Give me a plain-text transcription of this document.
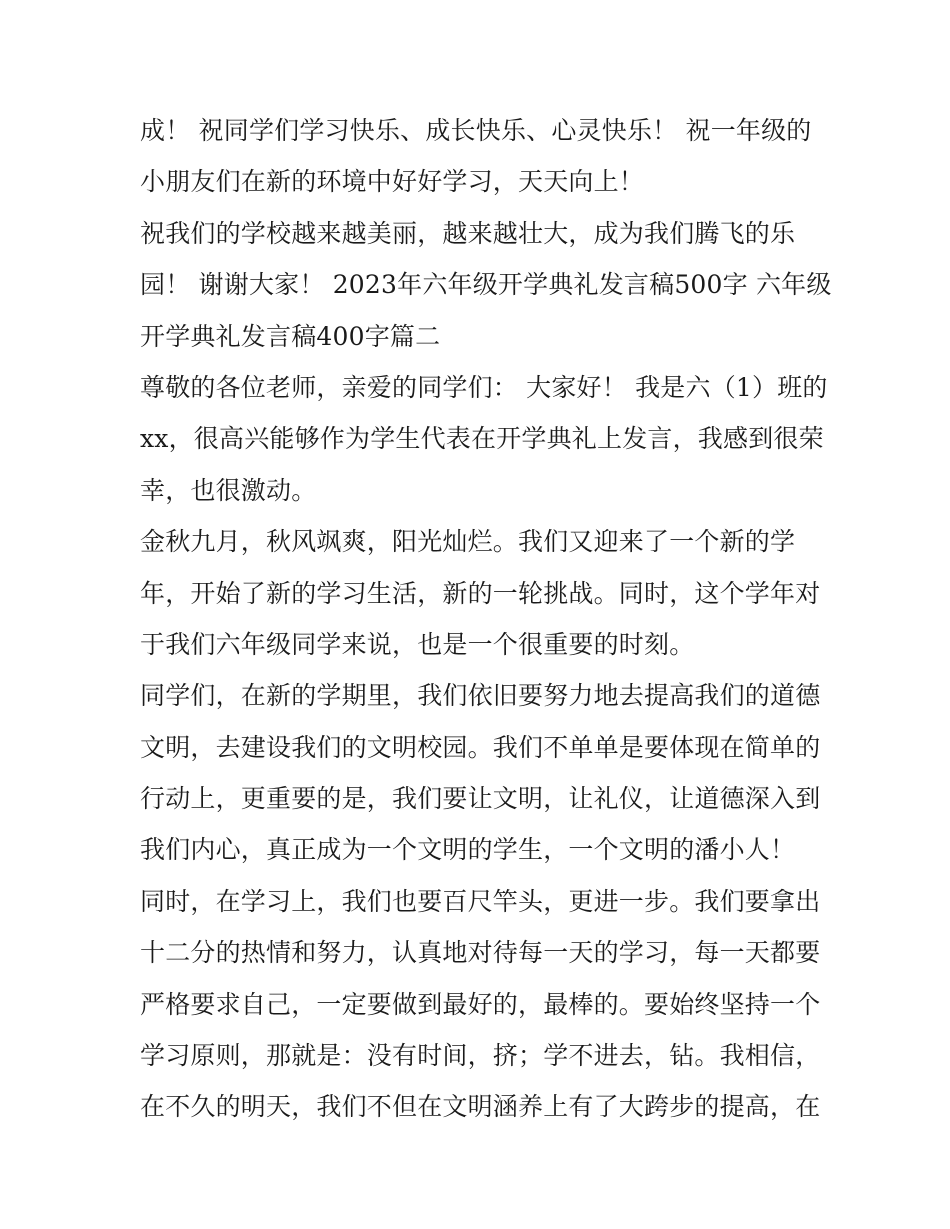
成！ 祝同学们学习快乐、成长快乐、心灵快乐！ 祝一年级的
小朋友们在新的环境中好好学习，天天向上！

祝我们的学校越来越美丽，越来越壮大，成为我们腾飞的乐
园！ 谢谢大家！ 2023年六年级开学典礼发言稿500字 六年级
开学典礼发言稿400字篇二

尊敬的各位老师，亲爱的同学们： 大家好！ 我是六（1）班的
xx，很高兴能够作为学生代表在开学典礼上发言，我感到很荣
幸，也很激动。

金秋九月，秋风飒爽，阳光灿烂。我们又迎来了一个新的学
年，开始了新的学习生活，新的一轮挑战。同时，这个学年对
于我们六年级同学来说，也是一个很重要的时刻。

同学们，在新的学期里，我们依旧要努力地去提高我们的道德
文明，去建设我们的文明校园。我们不单单是要体现在简单的
行动上，更重要的是，我们要让文明，让礼仪，让道德深入到
我们内心，真正成为一个文明的学生，一个文明的潘小人！

同时，在学习上，我们也要百尺竿头，更进一步。我们要拿出
十二分的热情和努力，认真地对待每一天的学习，每一天都要
严格要求自己，一定要做到最好的，最棒的。要始终坚持一个
学习原则，那就是：没有时间，挤；学不进去，钻。我相信，
在不久的明天，我们不但在文明涵养上有了大跨步的提高，在
